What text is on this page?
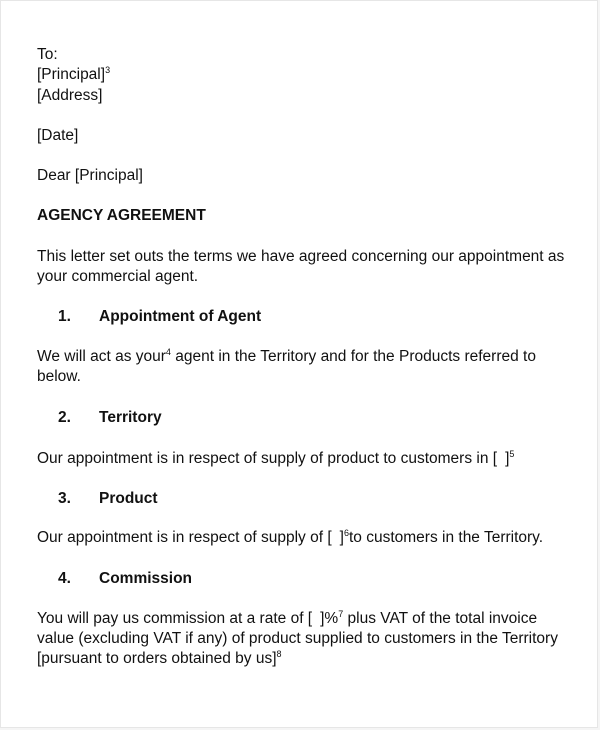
To:
[Principal]$^3$
[Address]
[Date]
Dear [Principal]
AGENCY AGREEMENT
This letter set outs the terms we have agreed concerning our appointment as
your commercial agent.
1. Appointment of Agent
We will act as your$^4$ agent in the Territory and for the Products referred to
below.
2. Territory
Our appointment is in respect of supply of product to customers in [ ]$^5$
3. Product
Our appointment is in respect of supply of [ ]$^6$to customers in the Territory.
4. Commission
You will pay us commission at a rate of [ ]%$^7$ plus VAT of the total invoice
value (excluding VAT if any) of product supplied to customers in the Territory
[pursuant to orders obtained by us]$^8$
